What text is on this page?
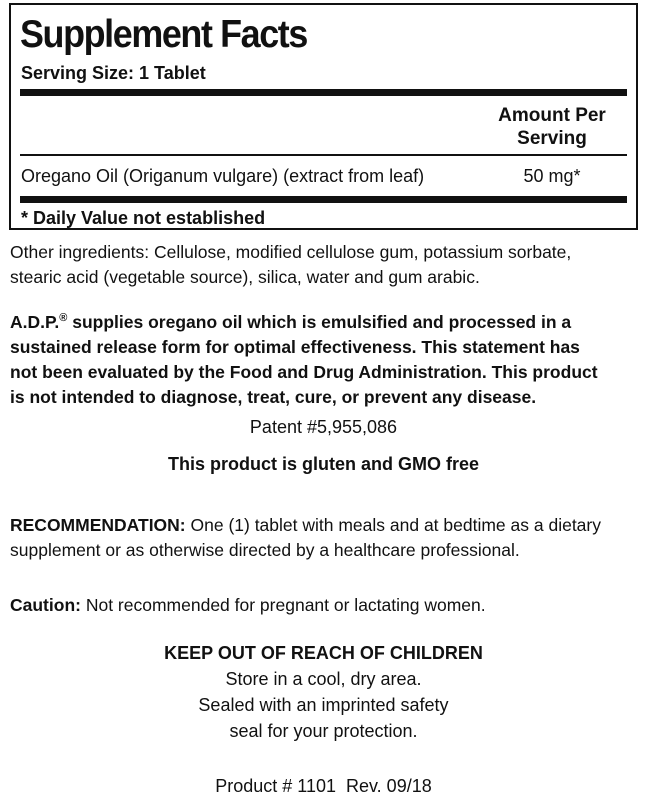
Supplement Facts
Serving Size: 1 Tablet
Amount Per
Serving
Oregano Oil (Origanum vulgare) (extract from leaf)	50 mg*
* Daily Value not established
Other ingredients: Cellulose, modified cellulose gum, potassium sorbate,
stearic acid (vegetable source), silica, water and gum arabic.
A.D.P.® supplies oregano oil which is emulsified and processed in a
sustained release form for optimal effectiveness. This statement has
not been evaluated by the Food and Drug Administration. This product
is not intended to diagnose, treat, cure, or prevent any disease.
Patent #5,955,086
This product is gluten and GMO free
RECOMMENDATION: One (1) tablet with meals and at bedtime as a dietary
supplement or as otherwise directed by a healthcare professional.
Caution: Not recommended for pregnant or lactating women.
KEEP OUT OF REACH OF CHILDREN
Store in a cool, dry area.
Sealed with an imprinted safety
seal for your protection.
Product # 1101  Rev. 09/18
